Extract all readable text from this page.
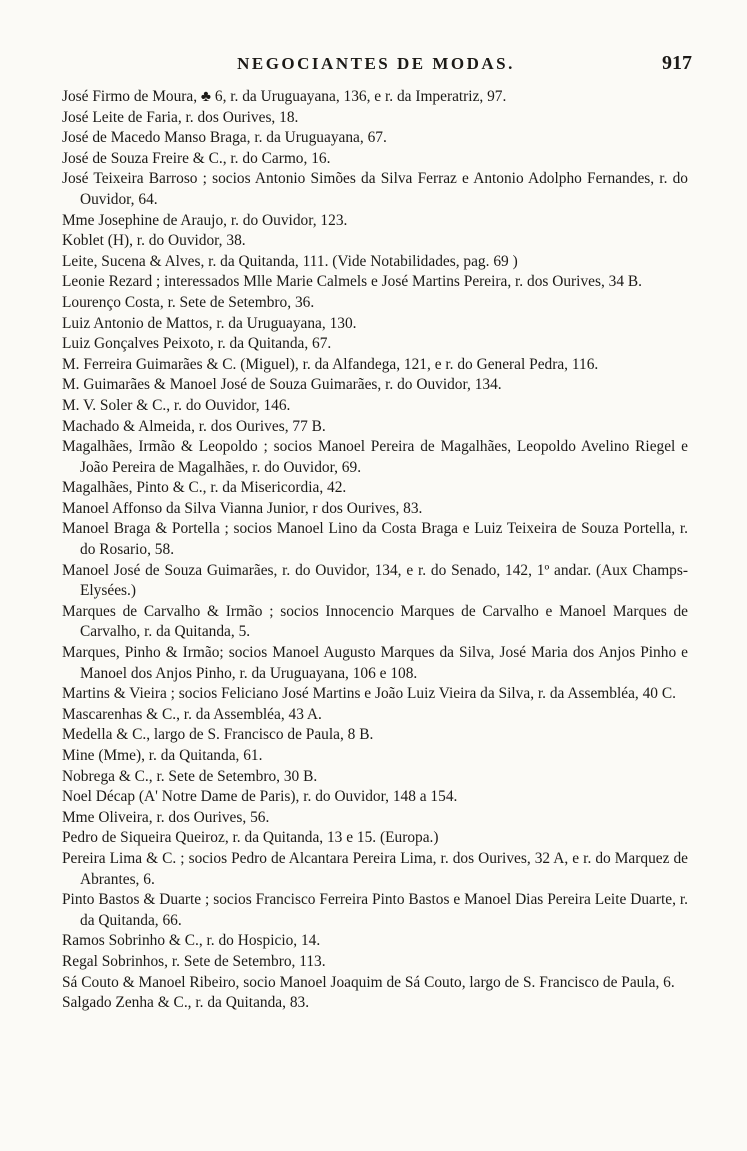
NEGOCIANTES DE MODAS.	917
José Firmo de Moura, ♣ 6, r. da Uruguayana, 136, e r. da Imperatriz, 97.
José Leite de Faria, r. dos Ourives, 18.
José de Macedo Manso Braga, r. da Uruguayana, 67.
José de Souza Freire & C., r. do Carmo, 16.
José Teixeira Barroso ; socios Antonio Simões da Silva Ferraz e Antonio Adolpho Fernandes, r. do Ouvidor, 64.
Mme Josephine de Araujo, r. do Ouvidor, 123.
Koblet (H), r. do Ouvidor, 38.
Leite, Sucena & Alves, r. da Quitanda, 111. (Vide Notabilidades, pag. 69 )
Leonie Rezard ; interessados Mlle Marie Calmels e José Martins Pereira, r. dos Ourives, 34 B.
Lourenço Costa, r. Sete de Setembro, 36.
Luiz Antonio de Mattos, r. da Uruguayana, 130.
Luiz Gonçalves Peixoto, r. da Quitanda, 67.
M. Ferreira Guimarães & C. (Miguel), r. da Alfandega, 121, e r. do General Pedra, 116.
M. Guimarães & Manoel José de Souza Guimarães, r. do Ouvidor, 134.
M. V. Soler & C., r. do Ouvidor, 146.
Machado & Almeida, r. dos Ourives, 77 B.
Magalhães, Irmão & Leopoldo ; socios Manoel Pereira de Magalhães, Leopoldo Avelino Riegel e João Pereira de Magalhães, r. do Ouvidor, 69.
Magalhães, Pinto & C., r. da Misericordia, 42.
Manoel Affonso da Silva Vianna Junior, r dos Ourives, 83.
Manoel Braga & Portella ; socios Manoel Lino da Costa Braga e Luiz Teixeira de Souza Portella, r. do Rosario, 58.
Manoel José de Souza Guimarães, r. do Ouvidor, 134, e r. do Senado, 142, 1º andar. (Aux Champs-Elysées.)
Marques de Carvalho & Irmão ; socios Innocencio Marques de Carvalho e Manoel Marques de Carvalho, r. da Quitanda, 5.
Marques, Pinho & Irmão; socios Manoel Augusto Marques da Silva, José Maria dos Anjos Pinho e Manoel dos Anjos Pinho, r. da Uruguayana, 106 e 108.
Martins & Vieira ; socios Feliciano José Martins e João Luiz Vieira da Silva, r. da Assembléa, 40 C.
Mascarenhas & C., r. da Assembléa, 43 A.
Medella & C., largo de S. Francisco de Paula, 8 B.
Mine (Mme), r. da Quitanda, 61.
Nobrega & C., r. Sete de Setembro, 30 B.
Noel Décap (A' Notre Dame de Paris), r. do Ouvidor, 148 a 154.
Mme Oliveira, r. dos Ourives, 56.
Pedro de Siqueira Queiroz, r. da Quitanda, 13 e 15. (Europa.)
Pereira Lima & C. ; socios Pedro de Alcantara Pereira Lima, r. dos Ourives, 32 A, e r. do Marquez de Abrantes, 6.
Pinto Bastos & Duarte ; socios Francisco Ferreira Pinto Bastos e Manoel Dias Pereira Leite Duarte, r. da Quitanda, 66.
Ramos Sobrinho & C., r. do Hospicio, 14.
Regal Sobrinhos, r. Sete de Setembro, 113.
Sá Couto & Manoel Ribeiro, socio Manoel Joaquim de Sá Couto, largo de S. Francisco de Paula, 6.
Salgado Zenha & C., r. da Quitanda, 83.
